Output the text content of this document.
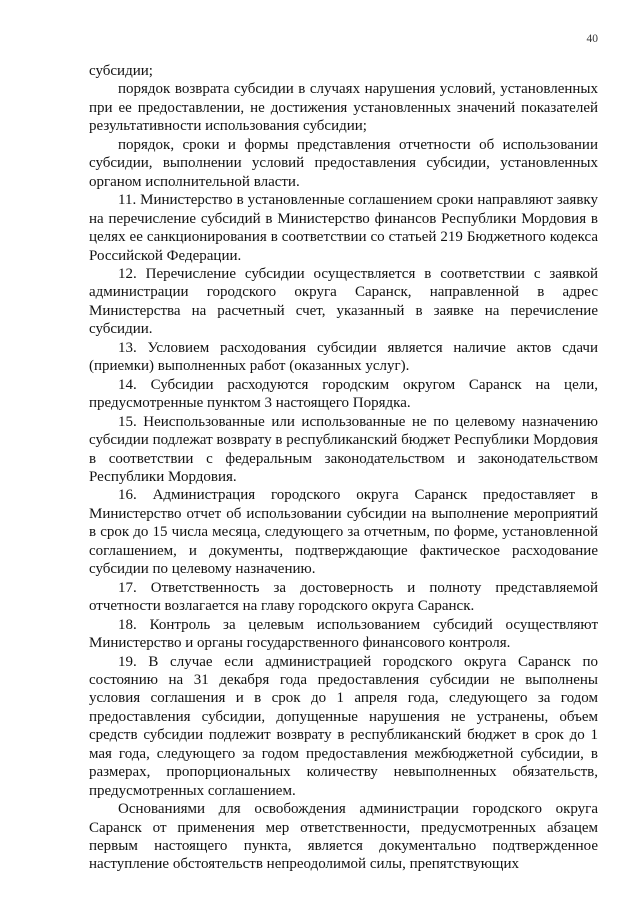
40

субсидии;

порядок возврата субсидии в случаях нарушения условий, установленных при ее предоставлении, не достижения установленных значений показателей результативности использования субсидии;

порядок, сроки и формы представления отчетности об использовании субсидии, выполнении условий предоставления субсидии, установленных органом исполнительной власти.

11. Министерство в установленные соглашением сроки направляют заявку на перечисление субсидий в Министерство финансов Республики Мордовия в целях ее санкционирования в соответствии со статьей 219 Бюджетного кодекса Российской Федерации.

12. Перечисление субсидии осуществляется в соответствии с заявкой администрации городского округа Саранск, направленной в адрес Министерства на расчетный счет, указанный в заявке на перечисление субсидии.

13. Условием расходования субсидии является наличие актов сдачи (приемки) выполненных работ (оказанных услуг).

14. Субсидии расходуются городским округом Саранск на цели, предусмотренные пунктом 3 настоящего Порядка.

15. Неиспользованные или использованные не по целевому назначению субсидии подлежат возврату в республиканский бюджет Республики Мордовия в соответствии с федеральным законодательством и законодательством Республики Мордовия.

16. Администрация городского округа Саранск предоставляет в Министерство отчет об использовании субсидии на выполнение мероприятий в срок до 15 числа месяца, следующего за отчетным, по форме, установленной соглашением, и документы, подтверждающие фактическое расходование субсидии по целевому назначению.

17. Ответственность за достоверность и полноту представляемой отчетности возлагается на главу городского округа Саранск.

18. Контроль за целевым использованием субсидий осуществляют Министерство и органы государственного финансового контроля.

19. В случае если администрацией городского округа Саранск по состоянию на 31 декабря года предоставления субсидии не выполнены условия соглашения и в срок до 1 апреля года, следующего за годом предоставления субсидии, допущенные нарушения не устранены, объем средств субсидии подлежит возврату в республиканский бюджет в срок до 1 мая года, следующего за годом предоставления межбюджетной субсидии, в размерах, пропорциональных количеству невыполненных обязательств, предусмотренных соглашением.

Основаниями для освобождения администрации городского округа Саранск от применения мер ответственности, предусмотренных абзацем первым настоящего пункта, является документально подтвержденное наступление обстоятельств непреодолимой силы, препятствующих
